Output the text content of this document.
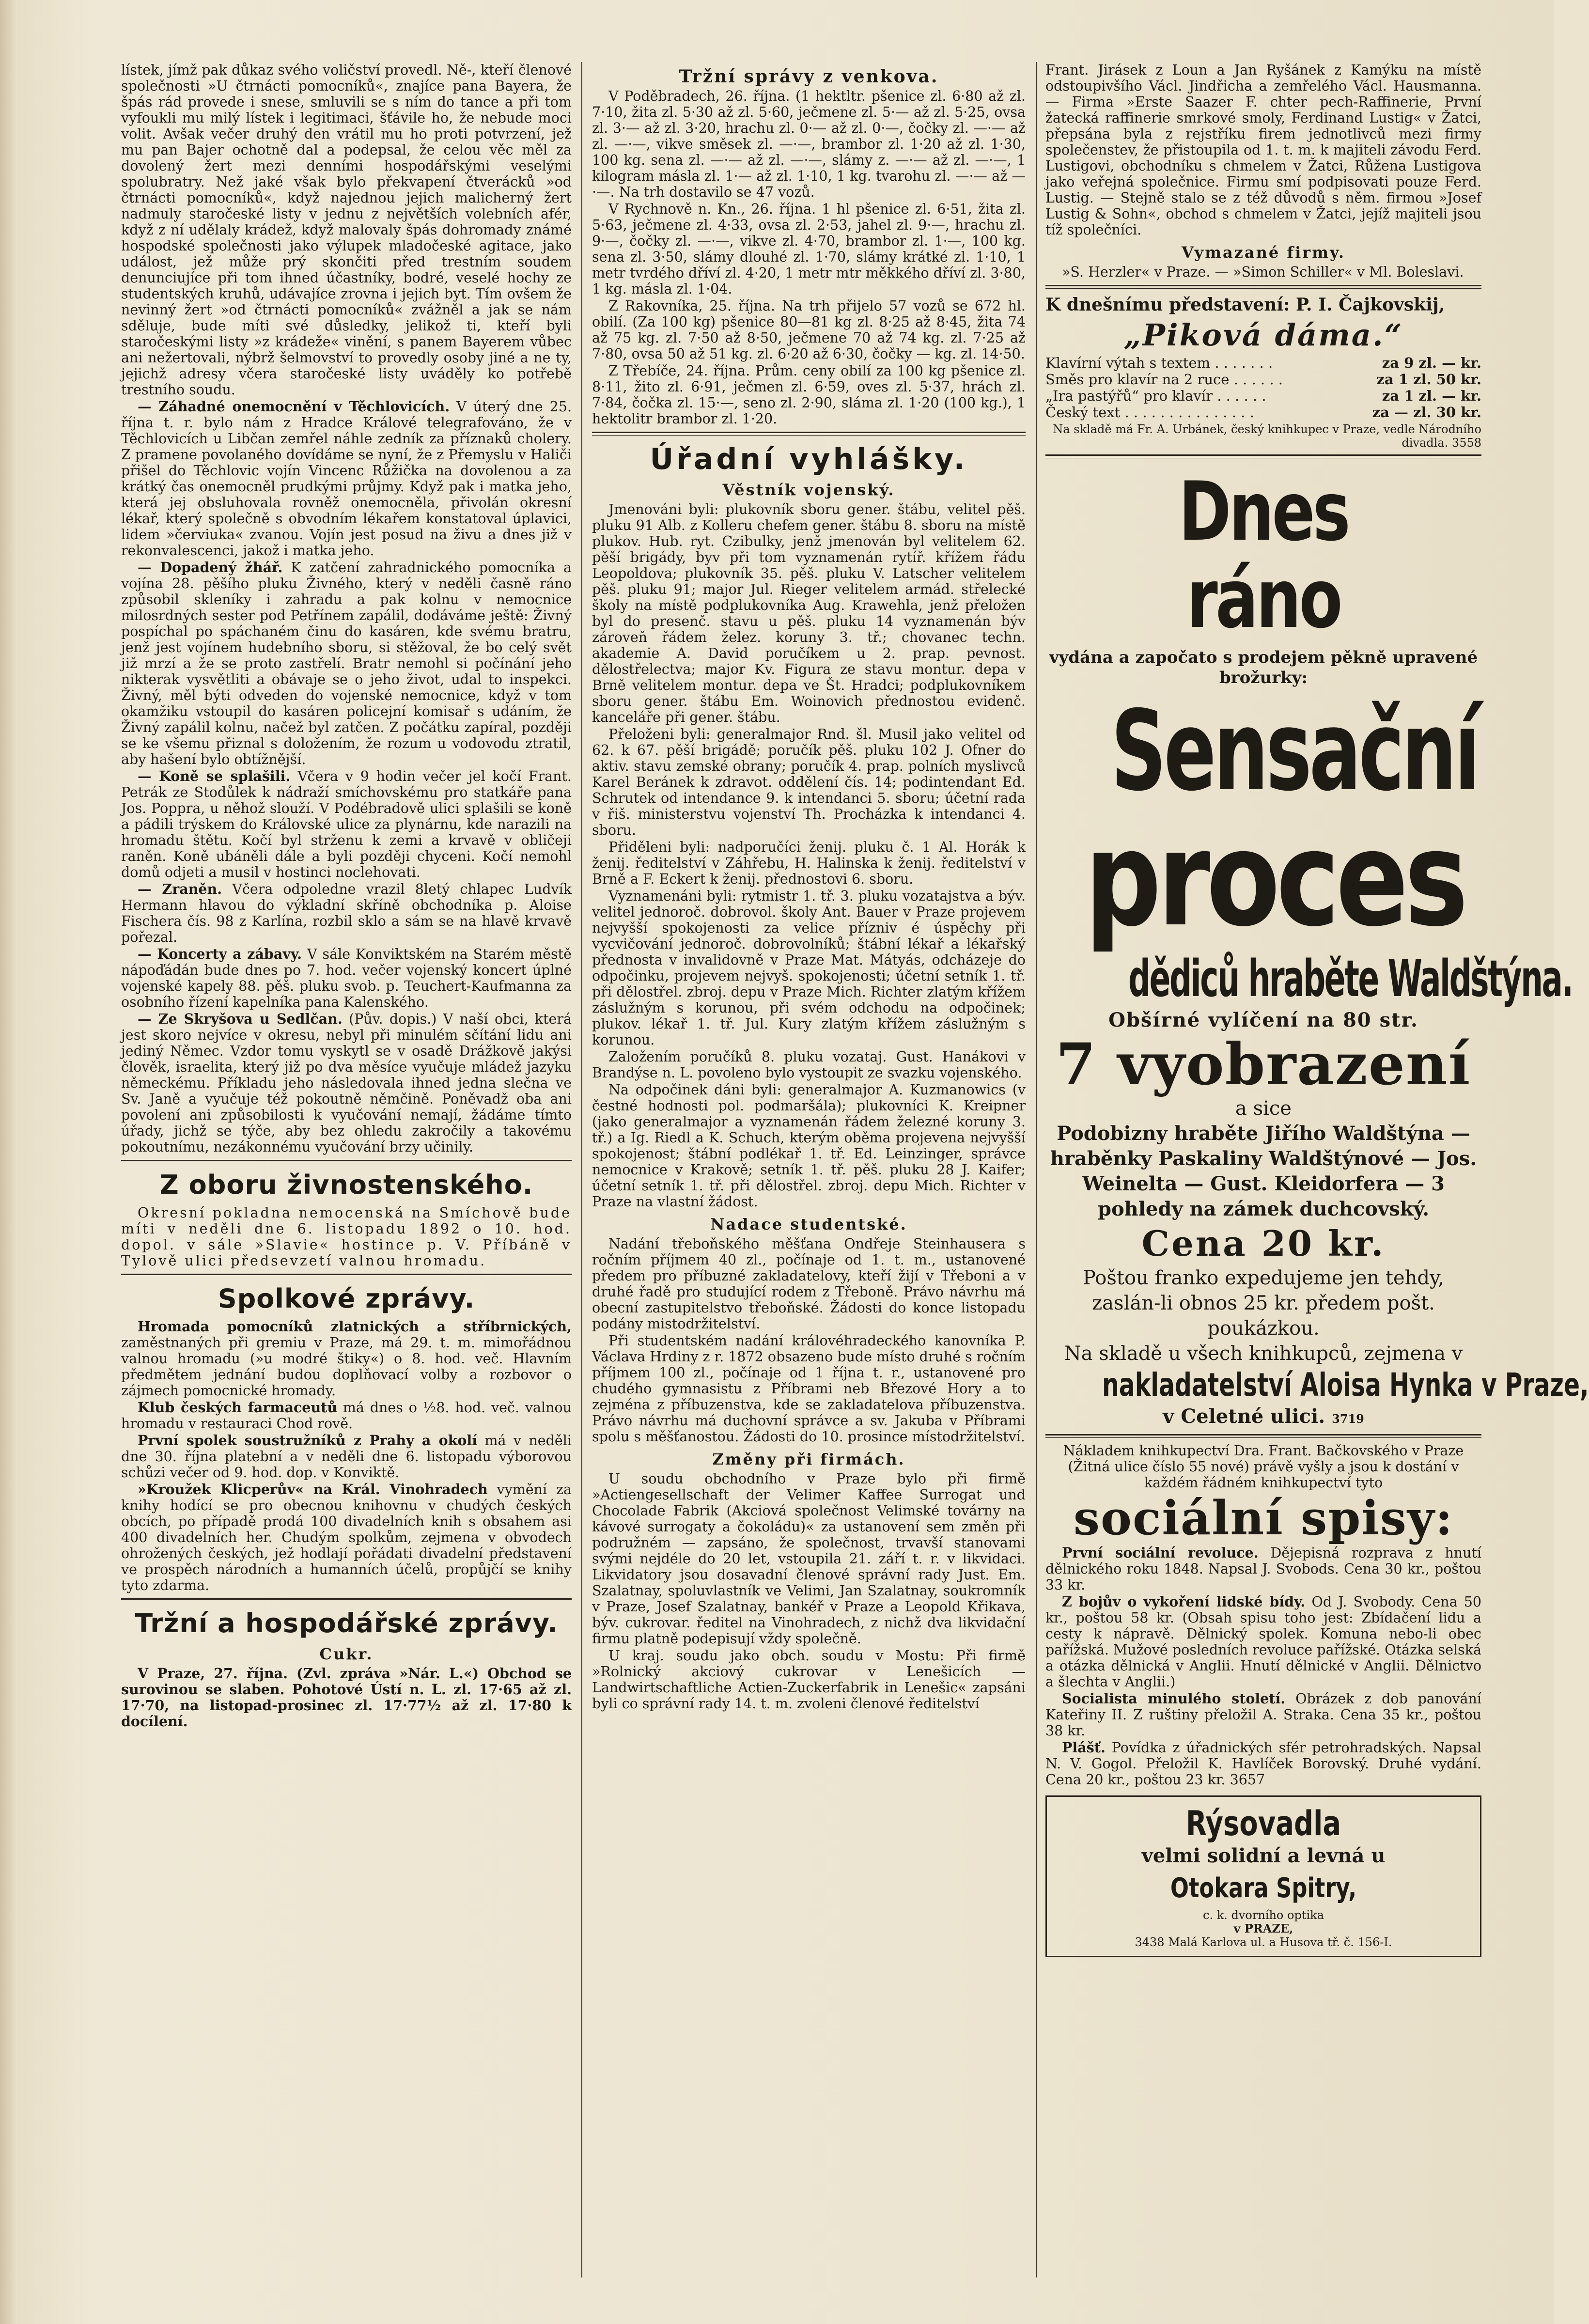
lístek, jímž pak důkaz svého voličství provedl. Ně‑, kteří členové společnosti »U čtrnácti pomocníků«, znajíce pana Bayera, že špás rád provede i snese, smluvili se s ním do tance a při tom vyfoukli mu milý lístek i legitimaci, šťávile ho, že nebude moci volit. Avšak večer druhý den vrátil mu ho proti potvrzení, jež mu pan Bajer ochotně dal a podepsal, že celou věc měl za dovolený žert mezi denními hospodářskými veselými spolubratry. Než jaké však bylo překvapení čtverácků »od čtrnácti pomocníků«, když najednou jejich malicherný žert nadmuly staročeské listy v jednu z největších volebních afér, když z ní udělaly krádež, když malovaly špás dohromady známé hospodské společnosti jako výlupek mladočeské agitace, jako událost, jež může prý skončiti před trestním soudem denunciujíce při tom ihned účastníky, bodré, veselé hochy ze studentských kruhů, udávajíce zrovna i jejich byt. Tím ovšem že nevinný žert »od čtrnácti pomocníků« zvážněl a jak se nám sděluje, bude míti své důsledky, jelikož ti, kteří byli staročeskými listy »z krádeže« vinění, s panem Bayerem vůbec ani nežertovali, nýbrž šelmovství to provedly osoby jiné a ne ty, jejichž adresy včera staročeské listy uváděly ko potřebě trestního soudu.

— Záhadné onemocnění v Těchlovicích. V úterý dne 25. října t. r. bylo nám z Hradce Králové telegrafováno, že v Těchlovicích u Libčan zemřel náhle zedník za příznaků cholery. Z pramene povolaného dovídáme se nyní, že z Přemyslu v Haliči přišel do Těchlovic vojín Vincenc Růžička na dovolenou a za krátký čas onemocněl prudkými průjmy. Když pak i matka jeho, která jej obsluhovala rovněž onemocněla, přivolán okresní lékař, který společně s obvodním lékařem konstatoval úplavici, lidem »červiuka« zvanou. Vojín jest posud na živu a dnes již v rekonvalescenci, jakož i matka jeho.

— Dopadený žhář. K zatčení zahradnického pomocníka a vojína 28. pěšího pluku Živného, který v neděli časně ráno způsobil skleníky i zahradu a pak kolnu v nemocnice milosrdných sester pod Petřínem zapálil, dodáváme ještě: Živný pospíchal po spáchaném činu do kasáren, kde svému bratru, jenž jest vojínem hudebního sboru, si stěžoval, že bo celý svět již mrzí a že se proto zastřelí. Bratr nemohl si počínání jeho nikterak vysvětliti a obávaje se o jeho život, udal to inspekci. Živný, měl býti odveden do vojenské nemocnice, když v tom okamžiku vstoupil do kasáren policejní komisař s udáním, že Živný zapálil kolnu, načež byl zatčen. Z počátku zapíral, později se ke všemu přiznal s doložením, že rozum u vodovodu ztratil, aby hašení bylo obtížnější.

— Koně se splašili. Včera v 9 hodin večer jel kočí Frant. Petrák ze Stodůlek k nádraží smíchovskému pro statkáře pana Jos. Poppra, u něhož slouží. V Podébradově ulici splašili se koně a pádili trýskem do Královské ulice za plynárnu, kde narazili na hromadu štětu. Kočí byl strženu k zemi a krvavě v obličeji raněn. Koně ubáněli dále a byli později chyceni. Kočí nemohl domů odjeti a musil v hostinci noclehovati.

— Zraněn. Včera odpoledne vrazil 8letý chlapec Ludvík Hermann hlavou do výkladní skříně obchodníka p. Aloise Fischera čís. 98 z Karlína, rozbil sklo a sám se na hlavě krvavě pořezal.

— Koncerty a zábavy. V sále Konviktském na Starém městě nápoďádán bude dnes po 7. hod. večer vojenský koncert úplné vojenské kapely 88. pěš. pluku svob. p. Teuchert-Kaufmanna za osobního řízení kapelníka pana Kalenského.

— Ze Skryšova u Sedlčan. (Pův. dopis.) V naší obci, která jest skoro nejvíce v okresu, nebyl při minulém sčítání lidu ani jediný Němec. Vzdor tomu vyskytl se v osadě Drážkově jakýsi člověk, israelita, který již po dva měsíce vyučuje mládež jazyku německému. Příkladu jeho následovala ihned jedna slečna ve Sv. Janě a vyučuje též pokoutně němčině. Poněvadž oba ani povolení ani způsobilosti k vyučování nemají, žádáme tímto úřady, jichž se týče, aby bez ohledu zakročily a takovému pokoutnímu, nezákonnému vyučování brzy učinily.

Z oboru živnostenského.

Okresní pokladna nemocenská na Smíchově bude míti v neděli dne 6. listopadu 1892 o 10. hod. dopol. v sále »Slavie« hostince p. V. Příbáně v Tylově ulici předsevzetí valnou hromadu.

Spolkové zprávy.

Hromada pomocníků zlatnických a stříbrnických, zaměstnaných při gremiu v Praze, má 29. t. m. mimořádnou valnou hromadu (»u modré štiky«) o 8. hod. več. Hlavním předmětem jednání budou doplňovací volby a rozbovor o zájmech pomocnické hromady.

Klub českých farmaceutů má dnes o ½8. hod. več. valnou hromadu v restauraci Chod rově.

První spolek soustružníků z Prahy a okolí má v neděli dne 30. října platební a v neděli dne 6. listopadu výborovou schůzi večer od 9. hod. dop. v Konviktě.

»Kroužek Klicperův« na Král. Vinohradech vymění za knihy hodící se pro obecnou knihovnu v chudých českých obcích, po případě prodá 100 divadelních knih s obsahem asi 400 divadelních her. Chudým spolkům, zejmena v obvodech ohrožených českých, jež hodlají pořádati divadelní představení ve prospěch národních a humanních účelů, propůjčí se knihy tyto zdarma.

Tržní a hospodářské zprávy.
Cukr.

V Praze, 27. října. (Zvl. zpráva »Nár. L.«) Obchod se surovinou se slaben. Pohotové Ústí n. L. zl. 17·65 až zl. 17·70, na listopad-prosinec zl. 17·77½ až zl. 17·80 k docílení.

Tržní správy z venkova.

V Poděbradech, 26. října. (1 hektltr. pšenice zl. 6·80 až zl. 7·10, žita zl. 5·30 až zl. 5·60, ječmene zl. 5·— až zl. 5·25, ovsa zl. 3·— až zl. 3·20, hrachu zl. 0·— až zl. 0·—, čočky zl. —·— až zl. —·—, vikve směsek zl. —·—, brambor zl. 1·20 až zl. 1·30, 100 kg. sena zl. —·— až zl. —·—, slámy z. —·— až zl. —·—, 1 kilogram másla zl. 1·— až zl. 1·10, 1 kg. tvarohu zl. —·— až —·—. Na trh dostavilo se 47 vozů.

V Rychnově n. Kn., 26. října. 1 hl pšenice zl. 6·51, žita zl. 5·63, ječmene zl. 4·33, ovsa zl. 2·53, jahel zl. 9·—, hrachu zl. 9·—, čočky zl. —·—, vikve zl. 4·70, brambor zl. 1·—, 100 kg. sena zl. 3·50, slámy dlouhé zl. 1·70, slámy krátké zl. 1·10, 1 metr tvrdého dříví zl. 4·20, 1 metr mtr měkkého dříví zl. 3·80, 1 kg. másla zl. 1·04.

Z Rakovníka, 25. října. Na trh přijelo 57 vozů se 672 hl. obilí. (Za 100 kg) pšenice 80—81 kg zl. 8·25 až 8·45, žita 74 až 75 kg. zl. 7·50 až 8·50, ječmene 70 až 74 kg. zl. 7·25 až 7·80, ovsa 50 až 51 kg. zl. 6·20 až 6·30, čočky — kg. zl. 14·50.

Z Třebíče, 24. října. Prům. ceny obilí za 100 kg pšenice zl. 8·11, žito zl. 6·91, ječmen zl. 6·59, oves zl. 5·37, hrách zl. 7·84, čočka zl. 15·—, seno zl. 2·90, sláma zl. 1·20 (100 kg.), 1 hektolitr brambor zl. 1·20.

Úřadní vyhlášky.
Věstník vojenský.

Jmenováni byli: plukovník sboru gener. štábu, velitel pěš. pluku 91 Alb. z Kolleru chefem gener. štábu 8. sboru na místě plukov. Hub. ryt. Czibulky, jenž jmenován byl velitelem 62. pěší brigády, byv při tom vyznamenán rytíř. křížem řádu Leopoldova; plukovník 35. pěš. pluku V. Latscher velitelem pěš. pluku 91; major Jul. Rieger velitelem armád. střelecké školy na místě podplukovníka Aug. Krawehla, jenž přeložen byl do presenč. stavu u pěš. pluku 14 vyznamenán býv zároveň řádem želez. koruny 3. tř.; chovanec techn. akademie A. David poručíkem u 2. prap. pevnost. dělostřelectva; major Kv. Figura ze stavu montur. depa v Brně velitelem montur. depa ve Št. Hradci; podplukovníkem sboru gener. štábu Em. Woinovich přednostou evidenč. kanceláře při gener. štábu.

Přeloženi byli: generalmajor Rnd. šl. Musil jako velitel od 62. k 67. pěší brigádě; poručík pěš. pluku 102 J. Ofner do aktiv. stavu zemské obrany; poručík 4. prap. polních myslivců Karel Beránek k zdravot. oddělení čís. 14; podintendant Ed. Schrutek od intendance 9. k intendanci 5. sboru; účetní rada v řiš. ministerstvu vojenství Th. Procházka k intendanci 4. sboru.

Přiděleni byli: nadporučíci ženij. pluku č. 1 Al. Horák k ženij. ředitelství v Záhřebu, H. Halinska k ženij. ředitelství v Brně a F. Eckert k ženij. přednostovi 6. sboru.

Vyznamenáni byli: rytmistr 1. tř. 3. pluku vozatajstva a býv. velitel jednoroč. dobrovol. školy Ant. Bauer v Praze projevem nejvyšší spokojenosti za velice přízniv é úspěchy při vycvičování jednoroč. dobrovolníků; štábní lékař a lékařský přednosta v invalidovně v Praze Mat. Mátyás, odcházeje do odpočinku, projevem nejvyš. spokojenosti; účetní setník 1. tř. při dělostřel. zbroj. depu v Praze Mich. Richter zlatým křížem záslužným s korunou, při svém odchodu na odpočinek; plukov. lékař 1. tř. Jul. Kury zlatým křížem záslužným s korunou.

Založením poručíků 8. pluku vozataj. Gust. Hanákovi v Brandýse n. L. povoleno bylo vystoupit ze svazku vojenského.

Na odpočinek dáni byli: generalmajor A. Kuzmanowics (v čestné hodnosti pol. podmaršála); plukovníci K. Kreipner (jako generalmajor a vyznamenán řádem železné koruny 3. tř.) a Ig. Riedl a K. Schuch, kterým oběma projevena nejvyšší spokojenost; štábní podlékař 1. tř. Ed. Leinzinger, správce nemocnice v Krakově; setník 1. tř. pěš. pluku 28 J. Kaifer; účetní setník 1. tř. při dělostřel. zbroj. depu Mich. Richter v Praze na vlastní žádost.

Nadace studentské.

Nadání třeboňského měšťana Ondřeje Steinhausera s ročním příjmem 40 zl., počínaje od 1. t. m., ustanovené předem pro příbuzné zakladatelovy, kteří žijí v Třeboni a v druhé řadě pro studující rodem z Třeboně. Právo návrhu má obecní zastupitelstvo třeboňské. Žádosti do konce listopadu podány mistodržitelství.

Při studentském nadání královéhradeckého kanovníka P. Václava Hrdiny z r. 1872 obsazeno bude místo druhé s ročním příjmem 100 zl., počínaje od 1 října t. r., ustanovené pro chudého gymnasistu z Příbrami neb Březové Hory a to zejména z příbuzenstva, kde se zakladatelova příbuzenstva. Právo návrhu má duchovní správce a sv. Jakuba v Příbrami spolu s měšťanostou. Žádosti do 10. prosince místodržitelství.

Změny při firmách.

U soudu obchodního v Praze bylo při firmě »Actiengesellschaft der Velimer Kaffee Surrogat und Chocolade Fabrik (Akciová společnost Velimské továrny na kávové surrogaty a čokoládu)« za ustanovení sem změn při podružném — zapsáno, že společnost, trvavší stanovami svými nejdéle do 20 let, vstoupila 21. září t. r. v likvidaci. Likvidatory jsou dosavadní členové správní rady Just. Em. Szalatnay, spoluvlastník ve Velimi, Jan Szalatnay, soukromník v Praze, Josef Szalatnay, bankéř v Praze a Leopold Křikava, býv. cukrovar. ředitel na Vinohradech, z nichž dva likvidační firmu platně podepisují vždy společně.

U kraj. soudu jako obch. soudu v Mostu: Při firmě »Rolnický akciový cukrovar v Lenešicích — Landwirtschaftliche Actien-Zuckerfabrik in Lenešic« zapsáni byli co správní rady 14. t. m. zvoleni členové ředitelství

Frant. Jirásek z Loun a Jan Ryšánek z Kamýku na místě odstoupivšího Václ. Jindřicha a zemřelého Václ. Hausmanna. — Firma »Erste Saazer F. chter pech-Raffinerie, První žatecká raffinerie smrkové smoly, Ferdinand Lustig« v Žatci, přepsána byla z rejstříku firem jednotlivců mezi firmy společenstev, že přistoupila od 1. t. m. k majiteli závodu Ferd. Lustigovi, obchodníku s chmelem v Žatci, Růžena Lustigova jako veřejná společnice. Firmu smí podpisovati pouze Ferd. Lustig. — Stejně stalo se z též důvodů s něm. firmou »Josef Lustig & Sohn«, obchod s chmelem v Žatci, jejíž majiteli jsou tíž společníci.

Vymazané firmy.

»S. Herzler« v Praze. — »Simon Schiller« v Ml. Boleslavi.

K dnešnímu představení: P. I. Čajkovskij,
„Piková dáma.“
Klavírní výtah s textem . . . . . . .	za 9 zl. — kr.
Směs pro klavír na 2 ruce . . . . . .	za 1 zl. 50 kr.
„Ira pastýřů“ pro klavír . . . . . .	za 1 zl. — kr.
Český text . . . . . . . . . . . . . . .	za — zl. 30 kr.
Na skladě má Fr. A. Urbánek, český knihkupec v Praze, vedle Národního divadla. 3558
Dnes ráno
vydána a započato s prodejem pěkně upravené brožurky:
Sensační
proces
dědiců hraběte Waldštýna.
Obšírné vylíčení na 80 str.
7 vyobrazení
a sice
Podobizny hraběte Jiřího Waldštýna — hraběnky Paskaliny Waldštýnové — Jos. Weinelta — Gust. Kleidorfera — 3 pohledy na zámek duchcovský.
Cena 20 kr.
Poštou franko expedujeme jen tehdy, zaslán-li obnos 25 kr. předem pošt. poukázkou.
Na skladě u všech knihkupců, zejmena v
nakladatelství Aloisa Hynka v Praze,
v Celetné ulici. 3719

Nákladem knihkupectví Dra. Frant. Bačkovského v Praze (Žitná ulice číslo 55 nové) právě vyšly a jsou k dostání v každém řádném knihkupectví tyto

sociální spisy:

První sociální revoluce. Dějepisná rozprava z hnutí dělnického roku 1848. Napsal J. Svobods. Cena 30 kr., poštou 33 kr.

Z bojův o vykoření lidské bídy. Od J. Svobody. Cena 50 kr., poštou 58 kr. (Obsah spisu toho jest: Zbídačení lidu a cesty k nápravě. Dělnický spolek. Komuna nebo-li obec pařížská. Mužové posledních revoluce pařížské. Otázka selská a otázka dělnická v Anglii. Hnutí dělnické v Anglii. Dělnictvo a šlechta v Anglii.)

Socialista minulého století. Obrázek z dob panování Kateřiny II. Z ruštiny přeložil A. Straka. Cena 35 kr., poštou 38 kr.

Plášť. Povídka z úřadnických sfér petrohradských. Napsal N. V. Gogol. Přeložil K. Havlíček Borovský. Druhé vydání. Cena 20 kr., poštou 23 kr. 3657

Rýsovadla
velmi solidní a levná u
Otokara Spitry,
c. k. dvorního optika
v PRAZE,
3438 Malá Karlova ul. a Husova tř. č. 156-I.
